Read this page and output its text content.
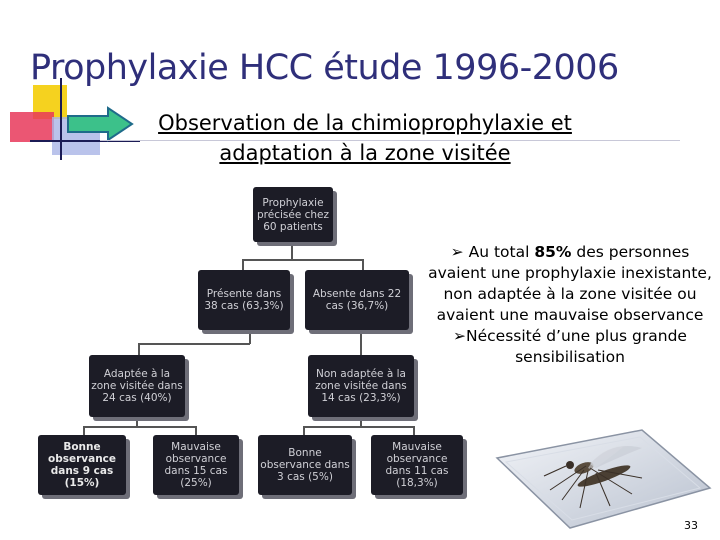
Prophylaxie HCC étude 1996-2006
Observation de la chimioprophylaxie et
adaptation à la zone visitée
Prophylaxie précisée chez 60 patients
Présente dans 38 cas (63,3%)
Absente dans 22 cas (36,7%)
Adaptée à la zone visitée dans 24 cas (40%)
Non adaptée à la zone visitée dans 14 cas (23,3%)
Bonne observance dans 9 cas (15%)
Mauvaise observance dans 15 cas (25%)
Bonne observance dans 3 cas (5%)
Mauvaise observance dans 11 cas (18,3%)
➢ Au total 85% des personnes avaient une prophylaxie inexistante, non adaptée à la zone visitée ou avaient une mauvaise observance
➢Nécessité d’une plus grande sensibilisation
33
